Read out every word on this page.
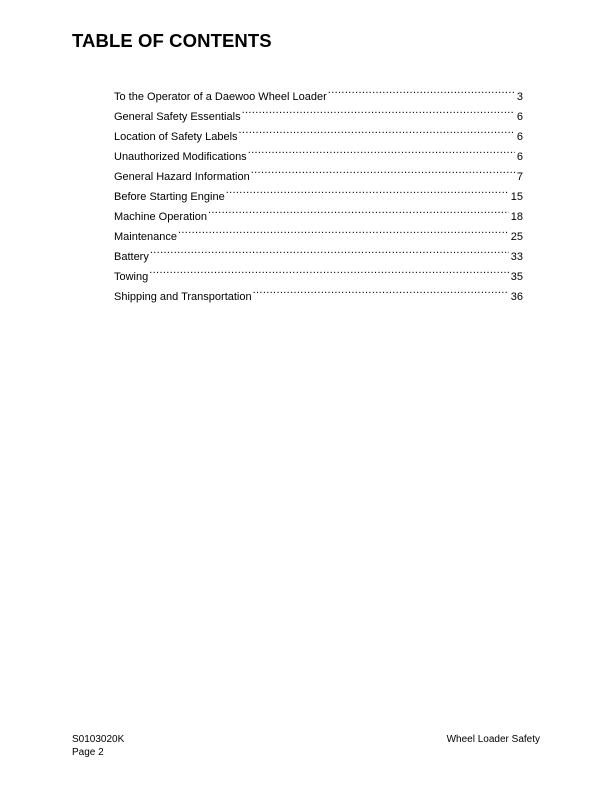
TABLE OF CONTENTS
To the Operator of a Daewoo Wheel Loader .....	3
General Safety Essentials .....	6
Location of Safety Labels .....	6
Unauthorized Modifications .....	6
General Hazard Information .....	7
Before Starting Engine .....	15
Machine Operation .....	18
Maintenance .....	25
Battery .....	33
Towing .....	35
Shipping and Transportation .....	36
S0103020K
Page 2
Wheel Loader Safety
